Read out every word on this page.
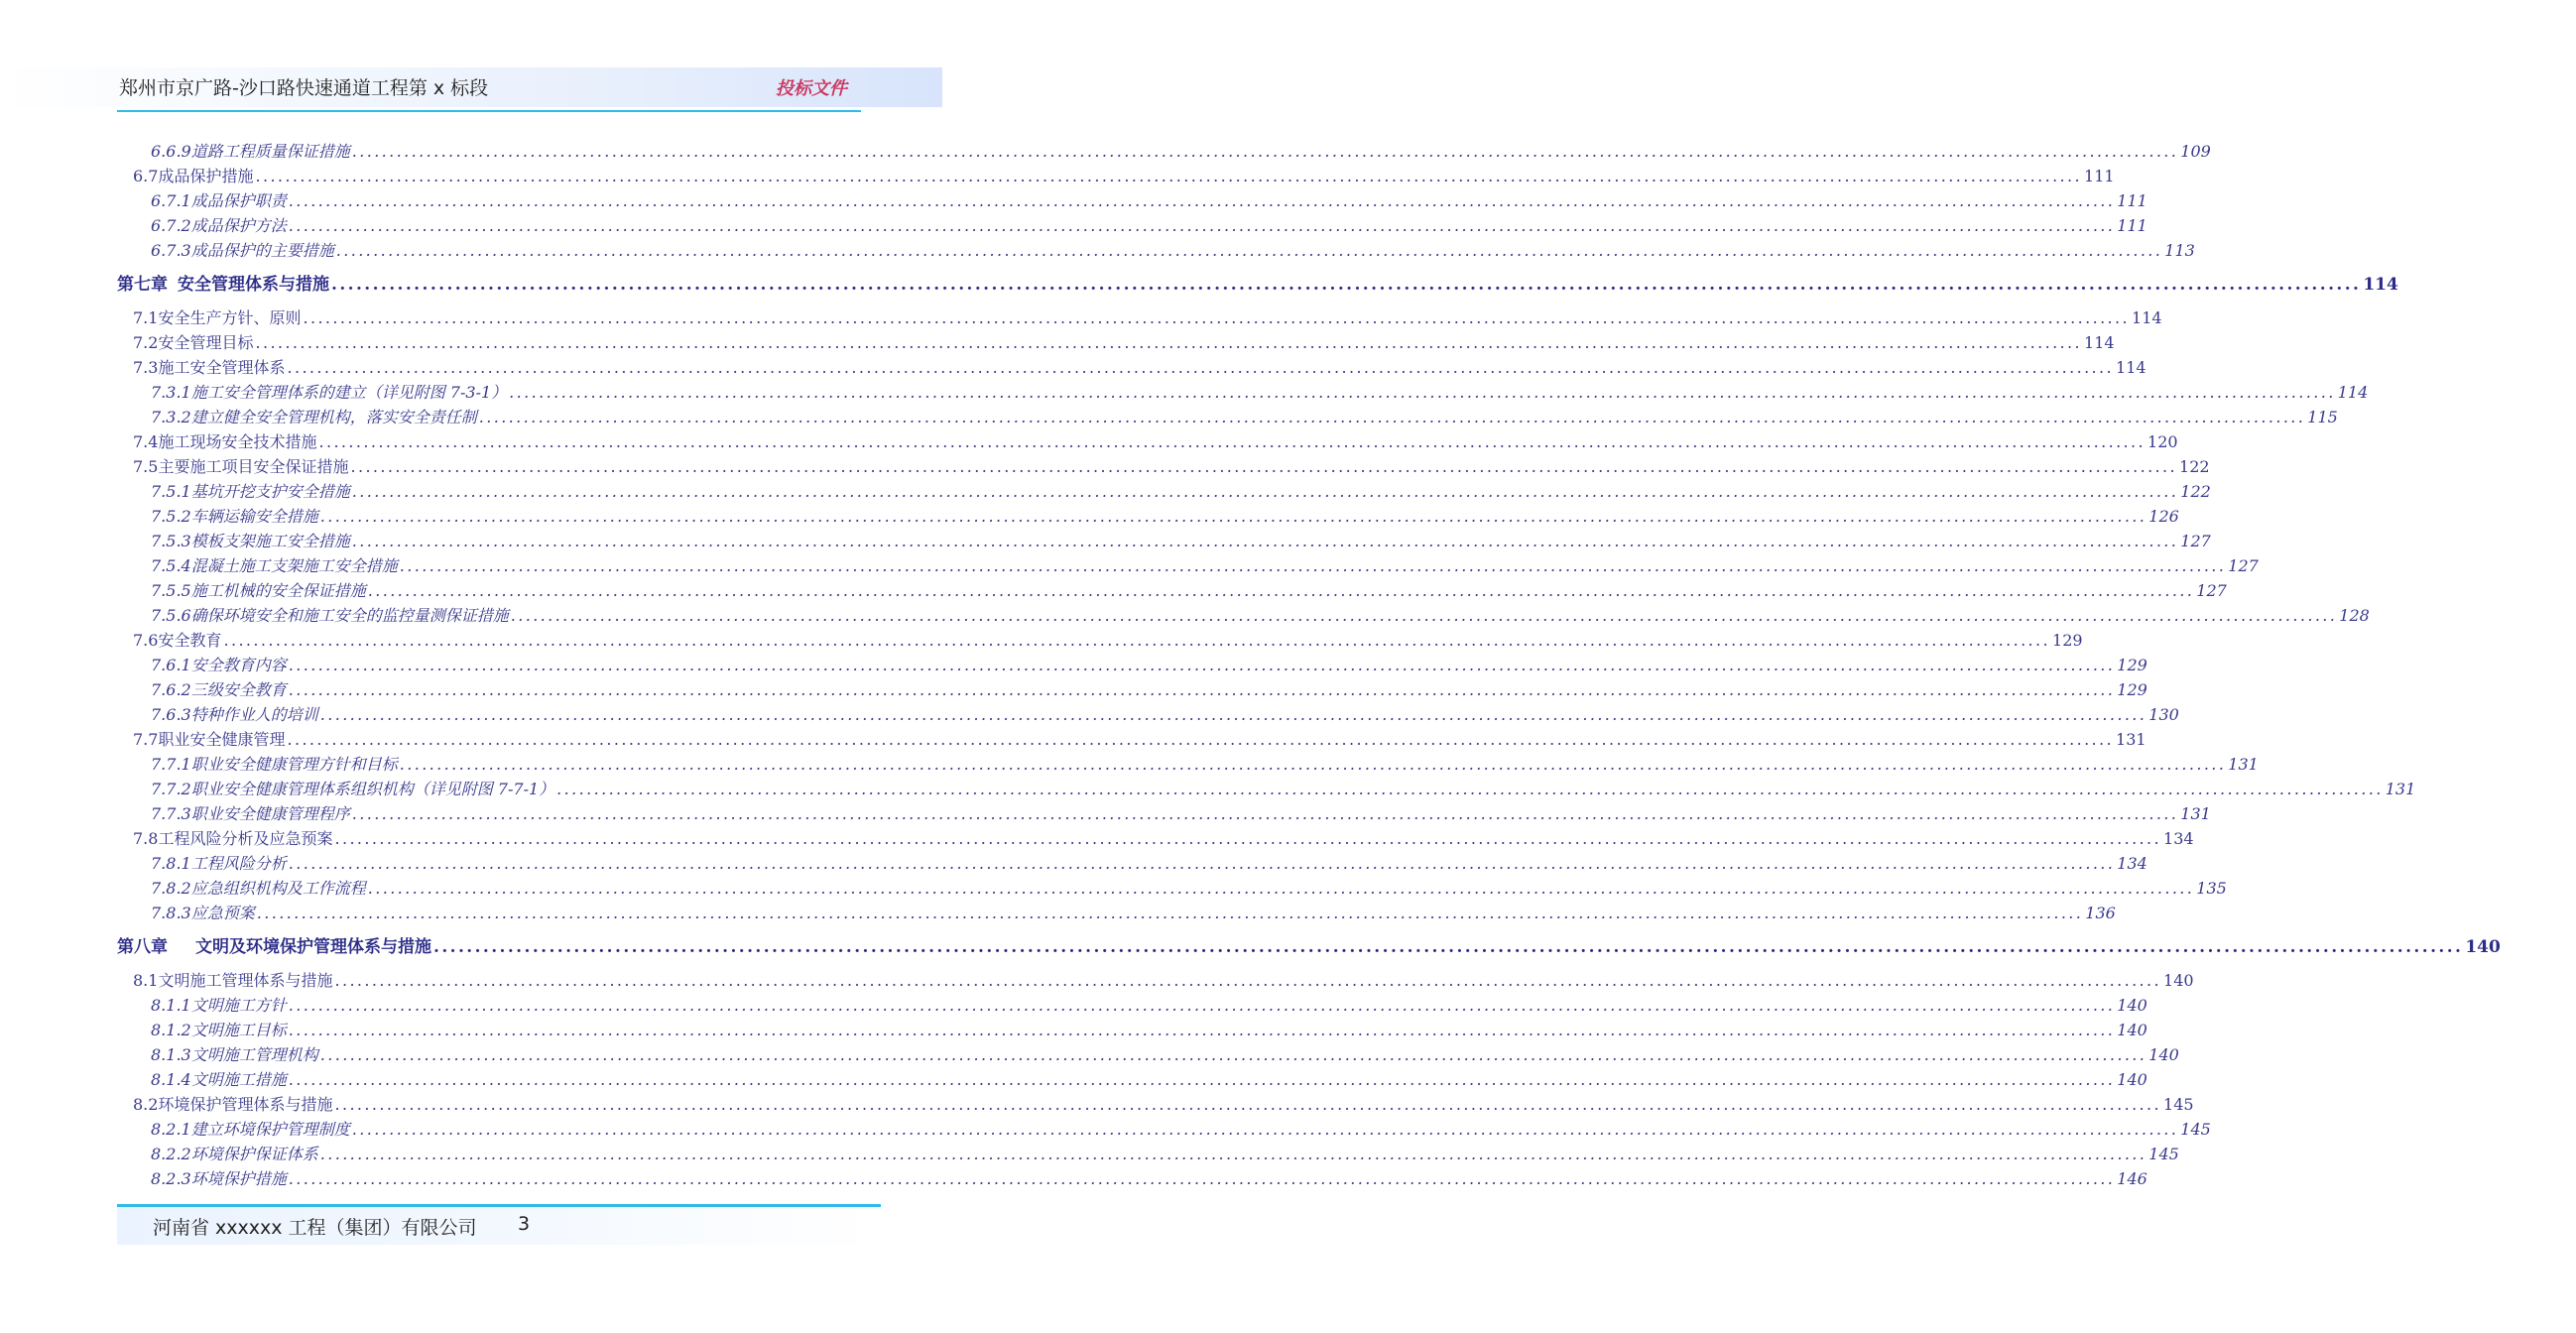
郑州市京广路-沙口路快速通道工程第 x 标段	投标文件
6.6.9 道路工程质量保证措施 .....	109
6.7 成品保护措施 .....	111
6.7.1 成品保护职责 .....	111
6.7.2 成品保护方法 .....	111
6.7.3 成品保护的主要措施 .....	113
第七章 安全管理体系与措施 .....	114
7.1 安全生产方针、原则 .....	114
7.2 安全管理目标 .....	114
7.3 施工安全管理体系 .....	114
7.3.1 施工安全管理体系的建立（详见附图 7-3-1） .....	114
7.3.2 建立健全安全管理机构，落实安全责任制 .....	115
7.4 施工现场安全技术措施 .....	120
7.5 主要施工项目安全保证措施 .....	122
7.5.1 基坑开挖支护安全措施 .....	122
7.5.2 车辆运输安全措施 .....	126
7.5.3 模板支架施工安全措施 .....	127
7.5.4 混凝土施工支架施工安全措施 .....	127
7.5.5 施工机械的安全保证措施 .....	127
7.5.6 确保环境安全和施工安全的监控量测保证措施 .....	128
7.6 安全教育 .....	129
7.6.1 安全教育内容 .....	129
7.6.2 三级安全教育 .....	129
7.6.3 特种作业人的培训 .....	130
7.7 职业安全健康管理 .....	131
7.7.1 职业安全健康管理方针和目标 .....	131
7.7.2 职业安全健康管理体系组织机构（详见附图 7-7-1） .....	131
7.7.3 职业安全健康管理程序 .....	131
7.8 工程风险分析及应急预案 .....	134
7.8.1 工程风险分析 .....	134
7.8.2 应急组织机构及工作流程 .....	135
7.8.3 应急预案 .....	136
第八章	文明及环境保护管理体系与措施 .....	140
8.1 文明施工管理体系与措施 .....	140
8.1.1 文明施工方针 .....	140
8.1.2 文明施工目标 .....	140
8.1.3 文明施工管理机构 .....	140
8.1.4 文明施工措施 .....	140
8.2 环境保护管理体系与措施 .....	145
8.2.1 建立环境保护管理制度 .....	145
8.2.2 环境保护保证体系 .....	145
8.2.3 环境保护措施 .....	146
河南省 xxxxxx 工程（集团）有限公司 3
